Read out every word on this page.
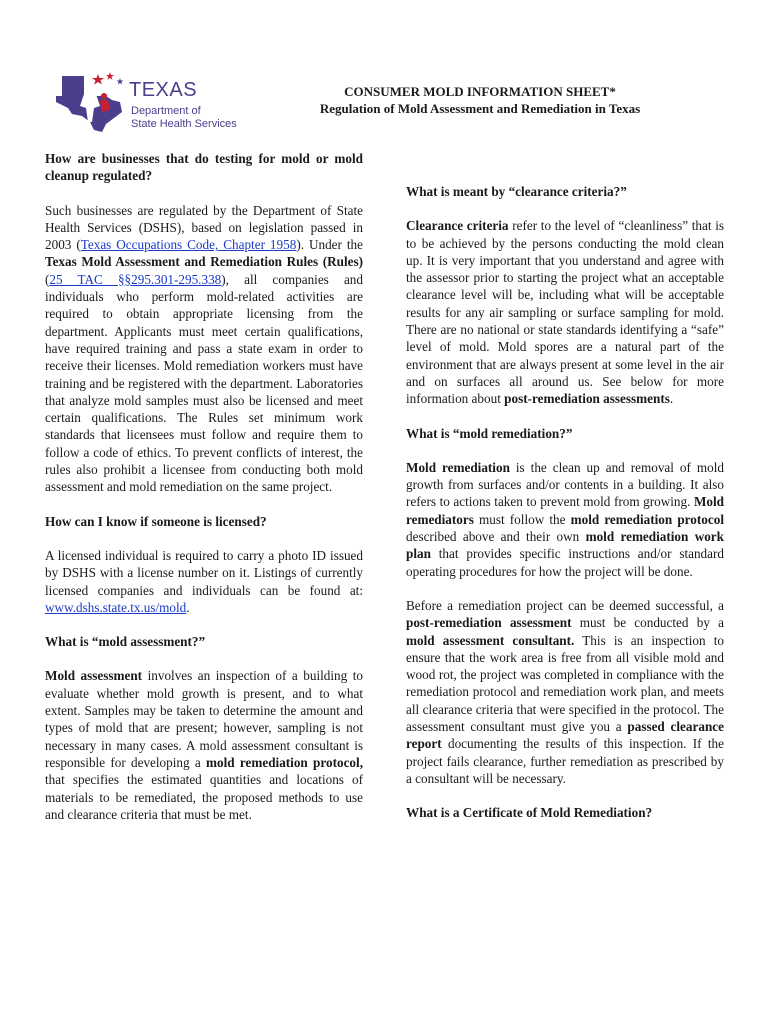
TEXAS
Department of
State Health Services
CONSUMER MOLD INFORMATION SHEET*
Regulation of Mold Assessment and Remediation in Texas

How are businesses that do testing for mold or mold cleanup regulated?

Such businesses are regulated by the Department of State Health Services (DSHS), based on legislation passed in 2003 (Texas Occupations Code, Chapter 1958). Under the Texas Mold Assessment and Remediation Rules (Rules) (25 TAC §§295.301-295.338), all companies and individuals who perform mold-related activities are required to obtain appropriate licensing from the department. Applicants must meet certain qualifications, have required training and pass a state exam in order to receive their licenses. Mold remediation workers must have training and be registered with the department. Laboratories that analyze mold samples must also be licensed and meet certain qualifications. The Rules set minimum work standards that licensees must follow and require them to follow a code of ethics. To prevent conflicts of interest, the rules also prohibit a licensee from conducting both mold assessment and mold remediation on the same project.

How can I know if someone is licensed?

A licensed individual is required to carry a photo ID issued by DSHS with a license number on it. Listings of currently licensed companies and individuals can be found at: www.dshs.state.tx.us/mold.

What is “mold assessment?”

Mold assessment involves an inspection of a building to evaluate whether mold growth is present, and to what extent. Samples may be taken to determine the amount and types of mold that are present; however, sampling is not necessary in many cases. A mold assessment consultant is responsible for developing a mold remediation protocol, that specifies the estimated quantities and locations of materials to be remediated, the proposed methods to use and clearance criteria that must be met.

What is meant by “clearance criteria?”

Clearance criteria refer to the level of “cleanliness” that is to be achieved by the persons conducting the mold clean up. It is very important that you understand and agree with the assessor prior to starting the project what an acceptable clearance level will be, including what will be acceptable results for any air sampling or surface sampling for mold. There are no national or state standards identifying a “safe” level of mold. Mold spores are a natural part of the environment that are always present at some level in the air and on surfaces all around us. See below for more information about post-remediation assessments.

What is “mold remediation?”

Mold remediation is the clean up and removal of mold growth from surfaces and/or contents in a building. It also refers to actions taken to prevent mold from growing. Mold remediators must follow the mold remediation protocol described above and their own mold remediation work plan that provides specific instructions and/or standard operating procedures for how the project will be done.

Before a remediation project can be deemed successful, a post-remediation assessment must be conducted by a mold assessment consultant. This is an inspection to ensure that the work area is free from all visible mold and wood rot, the project was completed in compliance with the remediation protocol and remediation work plan, and meets all clearance criteria that were specified in the protocol. The assessment consultant must give you a passed clearance report documenting the results of this inspection. If the project fails clearance, further remediation as prescribed by a consultant will be necessary.

What is a Certificate of Mold Remediation?
